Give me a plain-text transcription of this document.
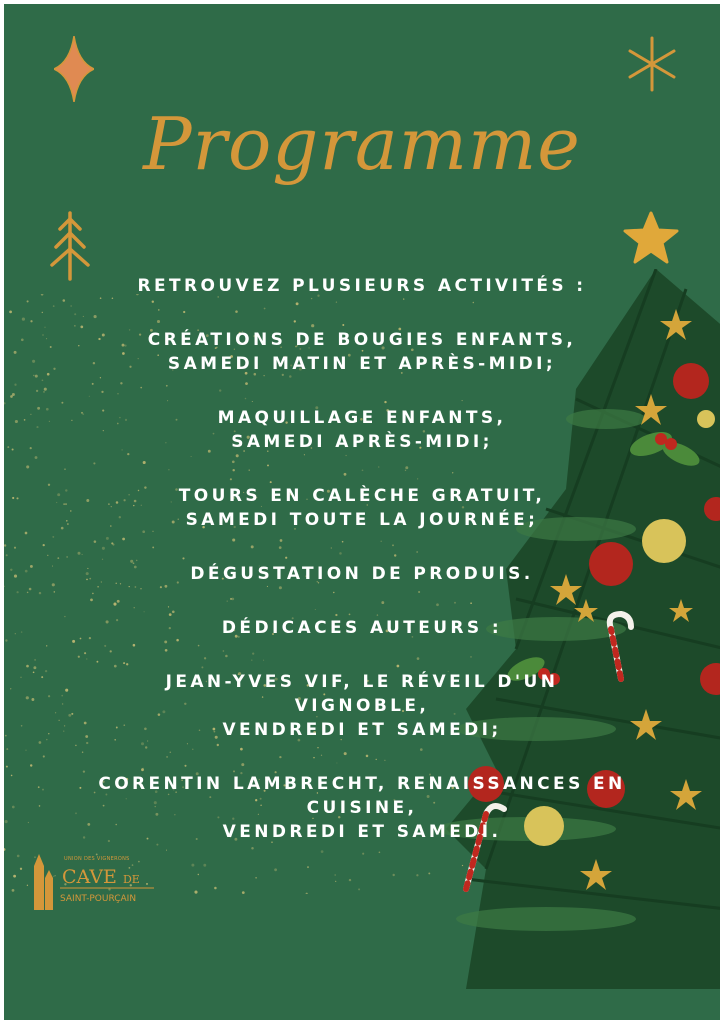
Programme

RETROUVEZ PLUSIEURS ACTIVITÉS :

CRÉATIONS DE BOUGIES ENFANTS,
SAMEDI MATIN ET APRÈS-MIDI;

MAQUILLAGE ENFANTS,
SAMEDI APRÈS-MIDI;

TOURS EN CALÈCHE GRATUIT,
SAMEDI TOUTE LA JOURNÉE;

DÉGUSTATION DE PRODUIS.

DÉDICACES AUTEURS :

JEAN-YVES VIF, LE RÉVEIL D'UN
VIGNOBLE,
VENDREDI ET SAMEDI;

CORENTIN LAMBRECHT, RENAISSANCES EN
CUISINE,
VENDREDI ET SAMEDI.

UNION DES VIGNERONS
CAVE DE
SAINT-POURÇAIN
